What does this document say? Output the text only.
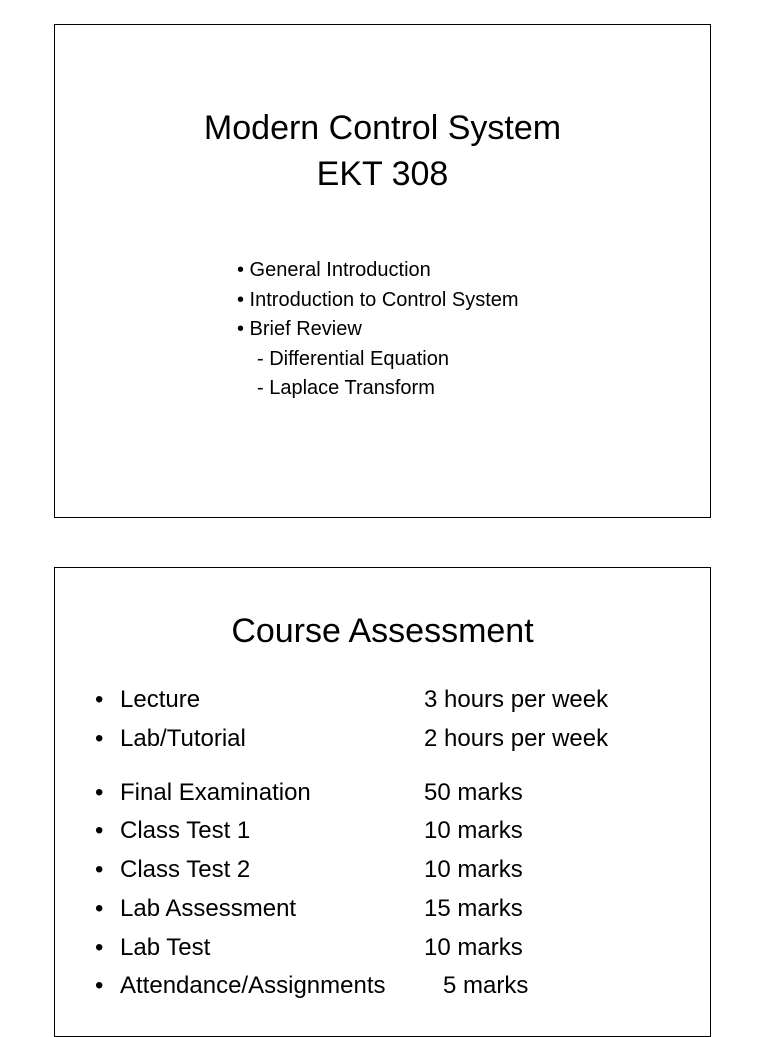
Modern Control System
EKT 308
• General Introduction
• Introduction to Control System
• Brief Review
- Differential Equation
- Laplace Transform
Course Assessment
• Lecture	3 hours per week
• Lab/Tutorial	2 hours per week
• Final Examination	50 marks
• Class Test 1	10 marks
• Class Test 2	10 marks
• Lab Assessment	15 marks
• Lab Test	10 marks
• Attendance/Assignments 5 marks
